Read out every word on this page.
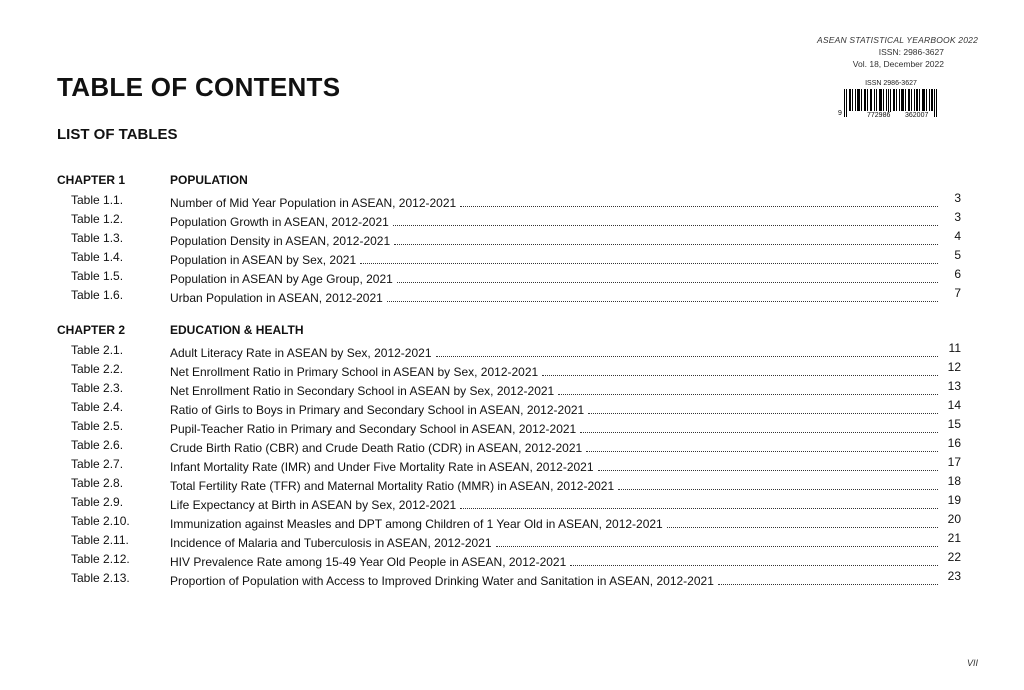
ASEAN STATISTICAL YEARBOOK 2022
ISSN: 2986-3627
Vol. 18, December 2022
ISSN 2986-3627
9	772986 362007
TABLE OF CONTENTS
LIST OF TABLES
CHAPTER 1	POPULATION
Table 1.1.	Number of Mid Year Population in ASEAN, 2012-2021	3
Table 1.2.	Population Growth in ASEAN, 2012-2021	3
Table 1.3.	Population Density in ASEAN, 2012-2021	4
Table 1.4.	Population in ASEAN by Sex, 2021	5
Table 1.5.	Population in ASEAN by Age Group, 2021	6
Table 1.6.	Urban Population in ASEAN, 2012-2021	7
CHAPTER 2	EDUCATION & HEALTH
Table 2.1.	Adult Literacy Rate in ASEAN by Sex, 2012-2021	11
Table 2.2.	Net Enrollment Ratio in Primary School in ASEAN by Sex, 2012-2021	12
Table 2.3.	Net Enrollment Ratio in Secondary School in ASEAN by Sex, 2012-2021	13
Table 2.4.	Ratio of Girls to Boys in Primary and Secondary School in ASEAN, 2012-2021	14
Table 2.5.	Pupil-Teacher Ratio in Primary and Secondary School in ASEAN, 2012-2021	15
Table 2.6.	Crude Birth Ratio (CBR) and Crude Death Ratio (CDR) in ASEAN, 2012-2021	16
Table 2.7.	Infant Mortality Rate (IMR) and Under Five Mortality Rate in ASEAN, 2012-2021	17
Table 2.8.	Total Fertility Rate (TFR) and Maternal Mortality Ratio (MMR) in ASEAN, 2012-2021	18
Table 2.9.	Life Expectancy at Birth in ASEAN by Sex, 2012-2021	19
Table 2.10.	Immunization against Measles and DPT among Children of 1 Year Old in ASEAN, 2012-2021	20
Table 2.11.	Incidence of Malaria and Tuberculosis in ASEAN, 2012-2021	21
Table 2.12.	HIV Prevalence Rate among 15-49 Year Old People in ASEAN, 2012-2021	22
Table 2.13.	Proportion of Population with Access to Improved Drinking Water and Sanitation in ASEAN, 2012-2021	23
VII
